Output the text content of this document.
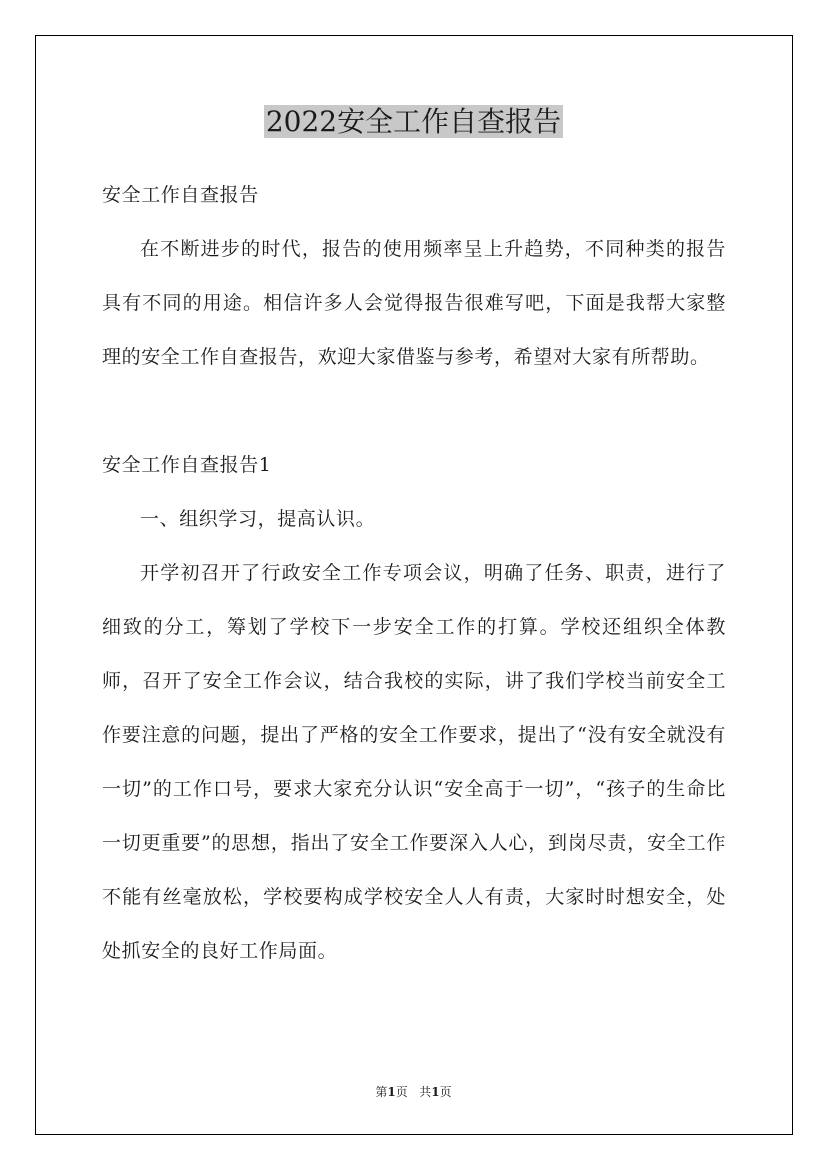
2022安全工作自查报告

安全工作自查报告

在不断进步的时代，报告的使用频率呈上升趋势，不同种类的报告具有不同的用途。相信许多人会觉得报告很难写吧，下面是我帮大家整理的安全工作自查报告，欢迎大家借鉴与参考，希望对大家有所帮助。

安全工作自查报告1

一、组织学习，提高认识。

开学初召开了行政安全工作专项会议，明确了任务、职责，进行了细致的分工，筹划了学校下一步安全工作的打算。学校还组织全体教师，召开了安全工作会议，结合我校的实际，讲了我们学校当前安全工作要注意的问题，提出了严格的安全工作要求，提出了“没有安全就没有一切”的工作口号，要求大家充分认识“安全高于一切”，“孩子的生命比一切更重要”的思想，指出了安全工作要深入人心，到岗尽责，安全工作不能有丝毫放松，学校要构成学校安全人人有责，大家时时想安全，处处抓安全的良好工作局面。

第1页 共1页
